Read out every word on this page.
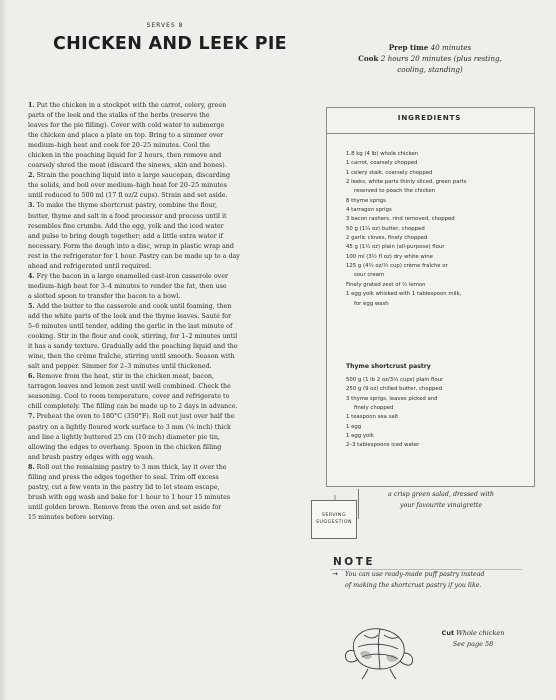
SERVES 8
CHICKEN AND LEEK PIE	Prep time 40 minutes
Cook 2 hours 20 minutes (plus resting,
cooling, standing)

1. Put the chicken in a stockpot with the carrot, celery, green

parts of the leek and the stalks of the herbs (reserve the

leaves for the pie filling). Cover with cold water to submerge

the chicken and place a plate on top. Bring to a simmer over

medium–high heat and cook for 20–25 minutes. Cool the

chicken in the poaching liquid for 2 hours, then remove and

coarsely shred the meat (discard the sinews, skin and bones).

2. Strain the poaching liquid into a large saucepan, discarding

the solids, and boil over medium–high heat for 20–25 minutes

until reduced to 500 ml (17 fl oz/2 cups). Strain and set aside.

3. To make the thyme shortcrust pastry, combine the flour,

butter, thyme and salt in a food processor and process until it

resembles fine crumbs. Add the egg, yolk and the iced water

and pulse to bring dough together; add a little extra water if

necessary. Form the dough into a disc, wrap in plastic wrap and

rest in the refrigerator for 1 hour. Pastry can be made up to a day

ahead and refrigerated until required.

4. Fry the bacon in a large enamelled cast-iron casserole over

medium–high heat for 3–4 minutes to render the fat, then use

a slotted spoon to transfer the bacon to a bowl.

5. Add the butter to the casserole and cook until foaming, then

add the white parts of the leek and the thyme leaves. Sauté for

5–6 minutes until tender, adding the garlic in the last minute of

cooking. Stir in the flour and cook, stirring, for 1–2 minutes until

it has a sandy texture. Gradually add the poaching liquid and the

wine, then the crème fraîche, stirring until smooth. Season with

salt and pepper. Simmer for 2–3 minutes until thickened.

6. Remove from the heat, stir in the chicken meat, bacon,

tarragon leaves and lemon zest until well combined. Check the

seasoning. Cool to room temperature, cover and refrigerate to

chill completely. The filling can be made up to 2 days in advance.

7. Preheat the oven to 180°C (350°F). Roll out just over half the

pastry on a lightly floured work surface to 3 mm (⅛ inch) thick

and line a lightly buttered 25 cm (10 inch) diameter pie tin,

allowing the edges to overhang. Spoon in the chicken filling

and brush pastry edges with egg wash.

8. Roll out the remaining pastry to 3 mm thick, lay it over the

filling and press the edges together to seal. Trim off excess

pastry, cut a few vents in the pastry lid to let steam escape,

brush with egg wash and bake for 1 hour to 1 hour 15 minutes

until golden brown. Remove from the oven and set aside for

15 minutes before serving.

INGREDIENTS
1.8 kg (4 lb) whole chicken
1 carrot, coarsely chopped
1 celery stalk, coarsely chopped
2 leeks, white parts thinly sliced, green parts
reserved to poach the chicken
8 thyme sprigs
4 tarragon sprigs
3 bacon rashers, rind removed, chopped
50 g (1¾ oz) butter, chopped
2 garlic cloves, finely chopped
45 g (1½ oz) plain (all-purpose) flour
100 ml (3½ fl oz) dry white wine
125 g (4½ oz/½ cup) crème fraîche or
sour cream
Finely grated zest of ½ lemon
1 egg yolk whisked with 1 tablespoon milk,
for egg wash
Thyme shortcrust pastry
500 g (1 lb 2 oz/3⅓ cups) plain flour
250 g (9 oz) chilled butter, chopped
3 thyme sprigs, leaves picked and
finely chopped
1 teaspoon sea salt
1 egg
1 egg yolk
2–3 tablespoons iced water
SERVING
SUGGESTION
a crisp green salad, dressed with
your favourite vinaigrette
NOTE
→ You can use ready-made puff pastry instead
of making the shortcrust pastry if you like.
Cut Whole chicken
See page 58
